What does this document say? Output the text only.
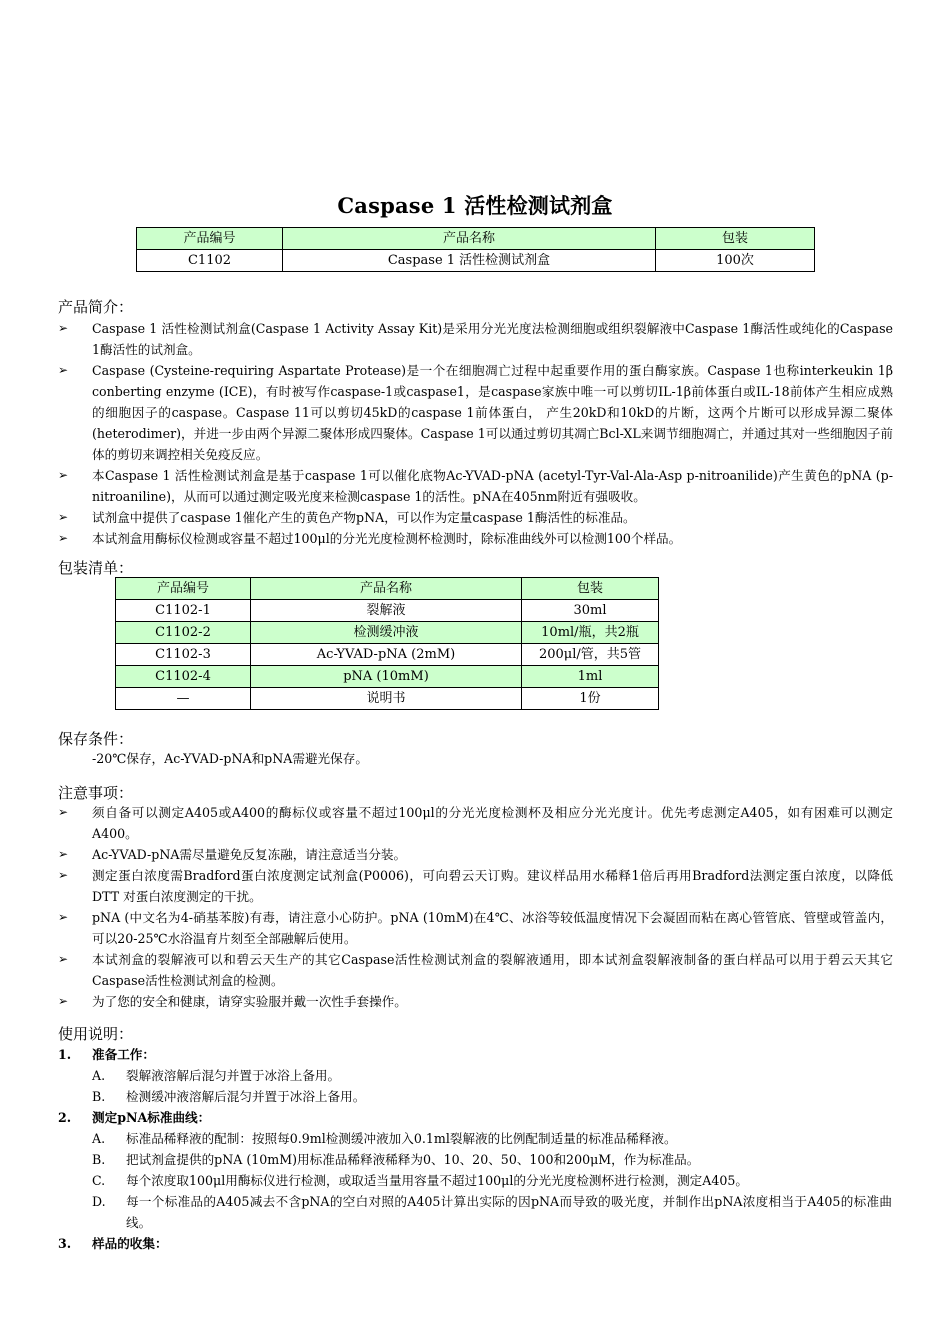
Caspase 1 活性检测试剂盒
产品编号	产品名称	包装
C1102	Caspase 1 活性检测试剂盒	100次
产品简介：
➢ Caspase 1 活性检测试剂盒(Caspase 1 Activity Assay Kit)是采用分光光度法检测细胞或组织裂解液中Caspase 1酶活性或纯化的Caspase 1酶活性的试剂盒。
➢ Caspase (Cysteine-requiring Aspartate Protease)是一个在细胞凋亡过程中起重要作用的蛋白酶家族。Caspase 1也称interkeukin 1β conberting enzyme (ICE)，有时被写作caspase-1或caspase1，是caspase家族中唯一可以剪切IL-1β前体蛋白或IL-18前体产生相应成熟的细胞因子的caspase。Caspase 11可以剪切45kD的caspase 1前体蛋白， 产生20kD和10kD的片断，这两个片断可以形成异源二聚体(heterodimer)，并进一步由两个异源二聚体形成四聚体。Caspase 1可以通过剪切其凋亡Bcl-XL来调节细胞凋亡，并通过其对一些细胞因子前体的剪切来调控相关免疫反应。
➢ 本Caspase 1 活性检测试剂盒是基于caspase 1可以催化底物Ac-YVAD-pNA (acetyl-Tyr-Val-Ala-Asp p-nitroanilide)产生黄色的pNA (p-nitroaniline)，从而可以通过测定吸光度来检测caspase 1的活性。pNA在405nm附近有强吸收。
➢ 试剂盒中提供了caspase 1催化产生的黄色产物pNA，可以作为定量caspase 1酶活性的标准品。
➢ 本试剂盒用酶标仪检测或容量不超过100μl的分光光度检测杯检测时，除标准曲线外可以检测100个样品。
包装清单：
产品编号	产品名称	包装
C1102-1	裂解液	30ml
C1102-2	检测缓冲液	10ml/瓶，共2瓶
C1102-3	Ac-YVAD-pNA (2mM)	200μl/管，共5管
C1102-4	pNA (10mM)	1ml
—	说明书	1份
保存条件：
-20℃保存，Ac-YVAD-pNA和pNA需避光保存。
注意事项：
➢ 须自备可以测定A405或A400的酶标仪或容量不超过100μl的分光光度检测杯及相应分光光度计。优先考虑测定A405，如有困难可以测定A400。
➢ Ac-YVAD-pNA需尽量避免反复冻融，请注意适当分装。
➢ 测定蛋白浓度需Bradford蛋白浓度测定试剂盒(P0006)，可向碧云天订购。建议样品用水稀释1倍后再用Bradford法测定蛋白浓度，以降低DTT 对蛋白浓度测定的干扰。
➢ pNA (中文名为4-硝基苯胺)有毒，请注意小心防护。pNA (10mM)在4℃、冰浴等较低温度情况下会凝固而粘在离心管管底、管壁或管盖内，可以20-25℃水浴温育片刻至全部融解后使用。
➢ 本试剂盒的裂解液可以和碧云天生产的其它Caspase活性检测试剂盒的裂解液通用，即本试剂盒裂解液制备的蛋白样品可以用于碧云天其它Caspase活性检测试剂盒的检测。
➢ 为了您的安全和健康，请穿实验服并戴一次性手套操作。
使用说明：
1. 准备工作：
A. 裂解液溶解后混匀并置于冰浴上备用。
B. 检测缓冲液溶解后混匀并置于冰浴上备用。
2. 测定pNA标准曲线：
A. 标准品稀释液的配制：按照每0.9ml检测缓冲液加入0.1ml裂解液的比例配制适量的标准品稀释液。
B. 把试剂盒提供的pNA (10mM)用标准品稀释液稀释为0、10、20、50、100和200μM，作为标准品。
C. 每个浓度取100μl用酶标仪进行检测，或取适当量用容量不超过100μl的分光光度检测杯进行检测，测定A405。
D. 每一个标准品的A405减去不含pNA的空白对照的A405计算出实际的因pNA而导致的吸光度，并制作出pNA浓度相当于A405的标准曲线。
3. 样品的收集：
